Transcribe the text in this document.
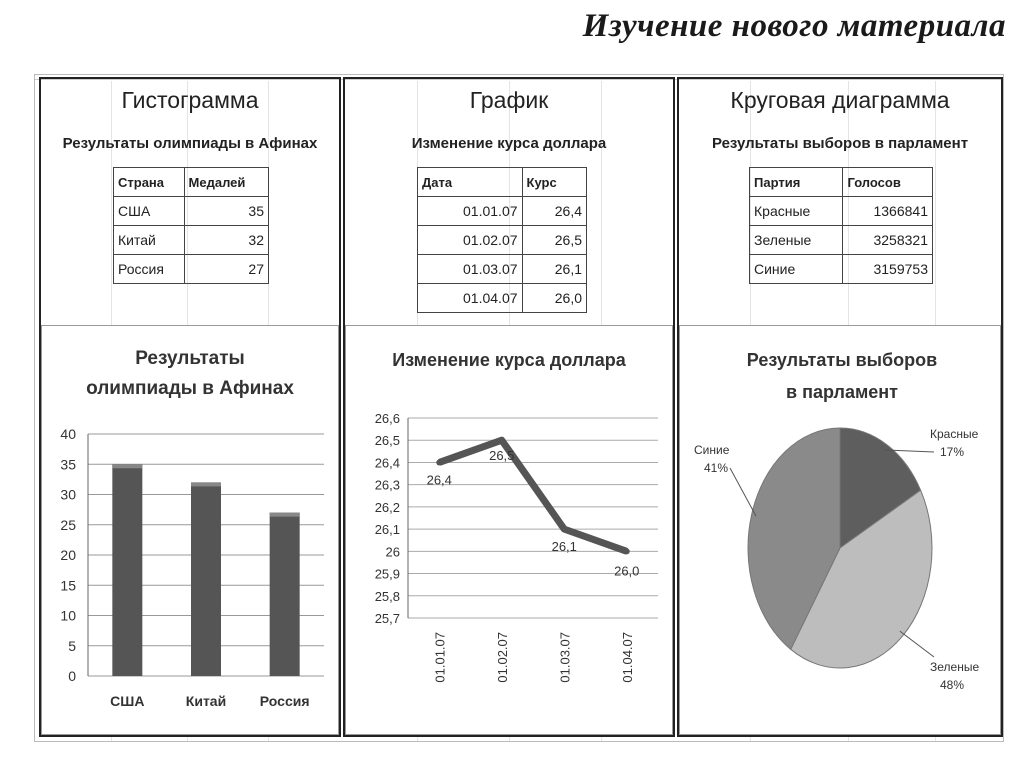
Изучение нового материала
Гистограмма
Результаты олимпиады в Афинах
Страна	Медалей
США	35
Китай	32
Россия	27
Результаты
олимпиады в Афинах
0
5
10
15
20
25
30
35
40
США	Китай Россия
График
Изменение курса доллара
Дата	Курс
01.01.07	26,4
01.02.07	26,5
01.03.07	26,1
01.04.07	26,0
Изменение курса доллара
25,7
25,8
25,9
26
26,1
26,2
26,3
26,4
26,5
26,6
26,4
26,5
26,1
26,0
01.01.07	01.02.07	01.03.07	01.04.07
Круговая диаграмма
Результаты выборов в парламент
Партия	Голосов
Красные	1366841
Зеленые	3258321
Синие	3159753
Результаты выборов
в парламент
Красные
17%
Зеленые
48%
Синие
41%
